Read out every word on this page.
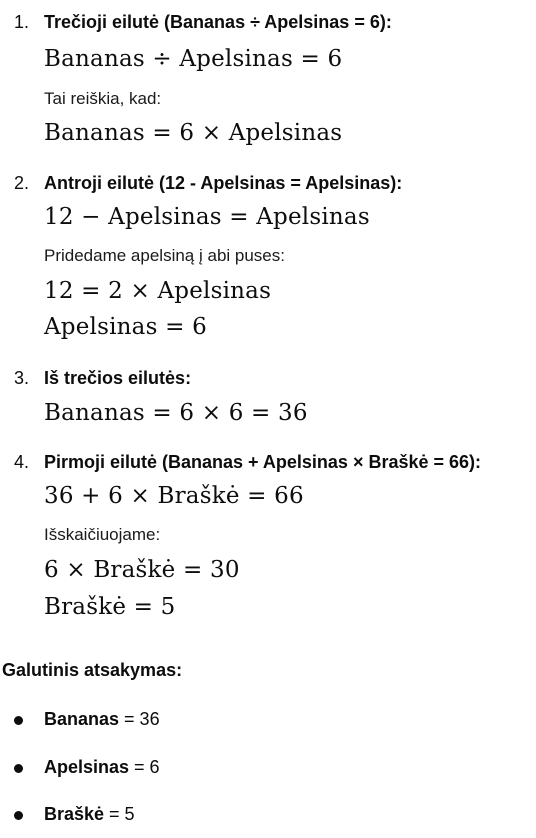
1. Trečioji eilutė (Bananas ÷ Apelsinas = 6):
Bananas ÷ Apelsinas = 6
Tai reiškia, kad:
Bananas = 6 × Apelsinas
2. Antroji eilutė (12 - Apelsinas = Apelsinas):
12 − Apelsinas = Apelsinas
Pridedame apelsiną į abi puses:
12 = 2 × Apelsinas
Apelsinas = 6
3. Iš trečios eilutės:
Bananas = 6 × 6 = 36
4. Pirmoji eilutė (Bananas + Apelsinas × Braškė = 66):
36 + 6 × Braškė = 66
Išskaičiuojame:
6 × Braškė = 30
Braškė = 5
Galutinis atsakymas:
Bananas = 36
Apelsinas = 6
Braškė = 5
